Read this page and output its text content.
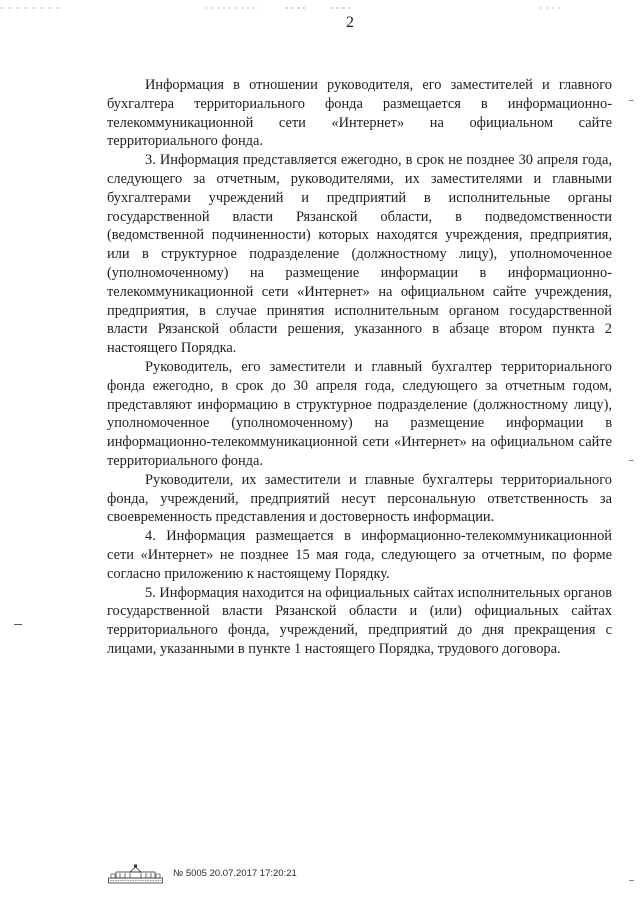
2

Информация в отношении руководителя, его заместителей и главного бухгалтера территориального фонда размещается в информационно-телекоммуникационной сети «Интернет» на официальном сайте территориального фонда.

3. Информация представляется ежегодно, в срок не позднее 30 апреля года, следующего за отчетным, руководителями, их заместителями и главными бухгалтерами учреждений и предприятий в исполнительные органы государственной власти Рязанской области, в подведомственности (ведомственной подчиненности) которых находятся учреждения, предприятия, или в структурное подразделение (должностному лицу), уполномоченное (уполномоченному) на размещение информации в информационно-телекоммуникационной сети «Интернет» на официальном сайте учреждения, предприятия, в случае принятия исполнительным органом государственной власти Рязанской области решения, указанного в абзаце втором пункта 2 настоящего Порядка.

Руководитель, его заместители и главный бухгалтер территориального фонда ежегодно, в срок до 30 апреля года, следующего за отчетным годом, представляют информацию в структурное подразделение (должностному лицу), уполномоченное (уполномоченному) на размещение информации в информационно-телекоммуникационной сети «Интернет» на официальном сайте территориального фонда.

Руководители, их заместители и главные бухгалтеры территориального фонда, учреждений, предприятий несут персональную ответственность за своевременность представления и достоверность информации.

4. Информация размещается в информационно-телекоммуникационной сети «Интернет» не позднее 15 мая года, следующего за отчетным, по форме согласно приложению к настоящему Порядку.

5. Информация находится на официальных сайтах исполнительных органов государственной власти Рязанской области и (или) официальных сайтах территориального фонда, учреждений, предприятий до дня прекращения с лицами, указанными в пункте 1 настоящего Порядка, трудового договора.

№ 5005 20.07.2017 17:20:21
